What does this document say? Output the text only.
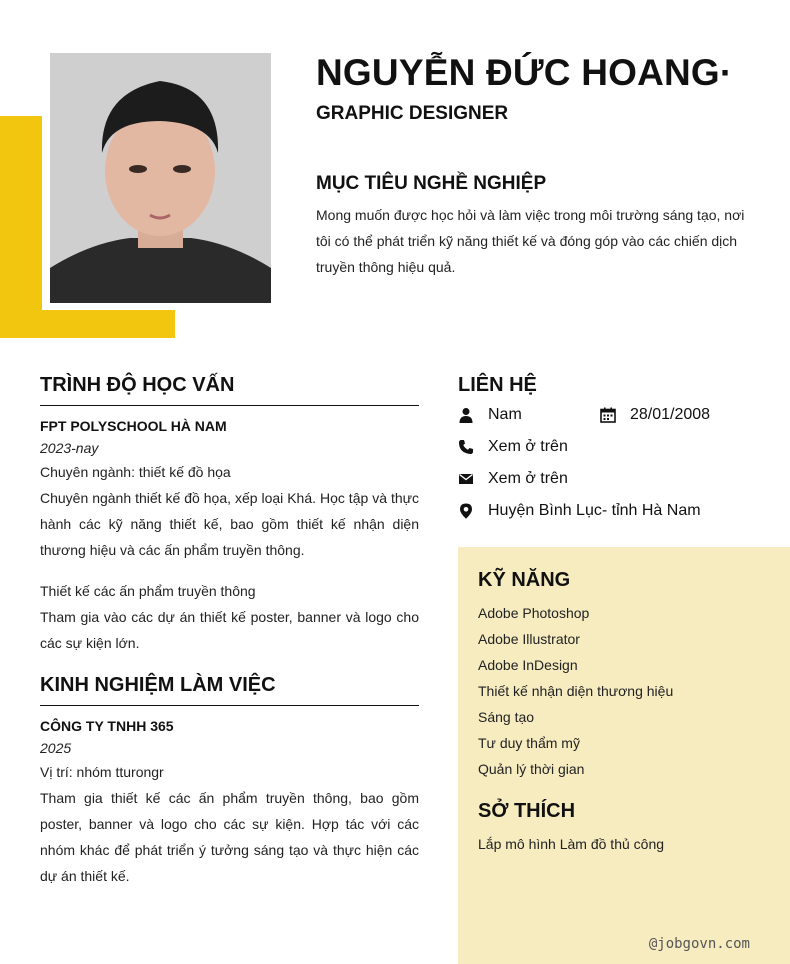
NGUYỄN ĐỨC HOANG·
GRAPHIC DESIGNER
MỤC TIÊU NGHỀ NGHIỆP
Mong muốn được học hỏi và làm việc trong môi trường sáng tạo, nơi tôi có thể phát triển kỹ năng thiết kế và đóng góp vào các chiến dịch truyền thông hiệu quả.
TRÌNH ĐỘ HỌC VẤN
FPT POLYSCHOOL HÀ NAM
2023-nay
Chuyên ngành: thiết kế đồ họa
Chuyên ngành thiết kế đồ họa, xếp loại Khá. Học tập và thực hành các kỹ năng thiết kế, bao gồm thiết kế nhận diện thương hiệu và các ấn phẩm truyền thông.
Thiết kế các ấn phẩm truyền thông
Tham gia vào các dự án thiết kế poster, banner và logo cho các sự kiện lớn.
KINH NGHIỆM LÀM VIỆC
CÔNG TY TNHH 365
2025
Vị trí: nhóm tturongr
Tham gia thiết kế các ấn phẩm truyền thông, bao gồm poster, banner và logo cho các sự kiện. Hợp tác với các nhóm khác để phát triển ý tưởng sáng tạo và thực hiện các dự án thiết kế.
LIÊN HỆ
Nam	28/01/2008
Xem ở trên
Xem ở trên
Huyện Bình Lục- tỉnh Hà Nam
KỸ NĂNG
Adobe Photoshop
Adobe Illustrator
Adobe InDesign
Thiết kế nhận diện thương hiệu
Sáng tạo
Tư duy thẩm mỹ
Quản lý thời gian
SỞ THÍCH
Lắp mô hình Làm đồ thủ công
@jobgovn.com
